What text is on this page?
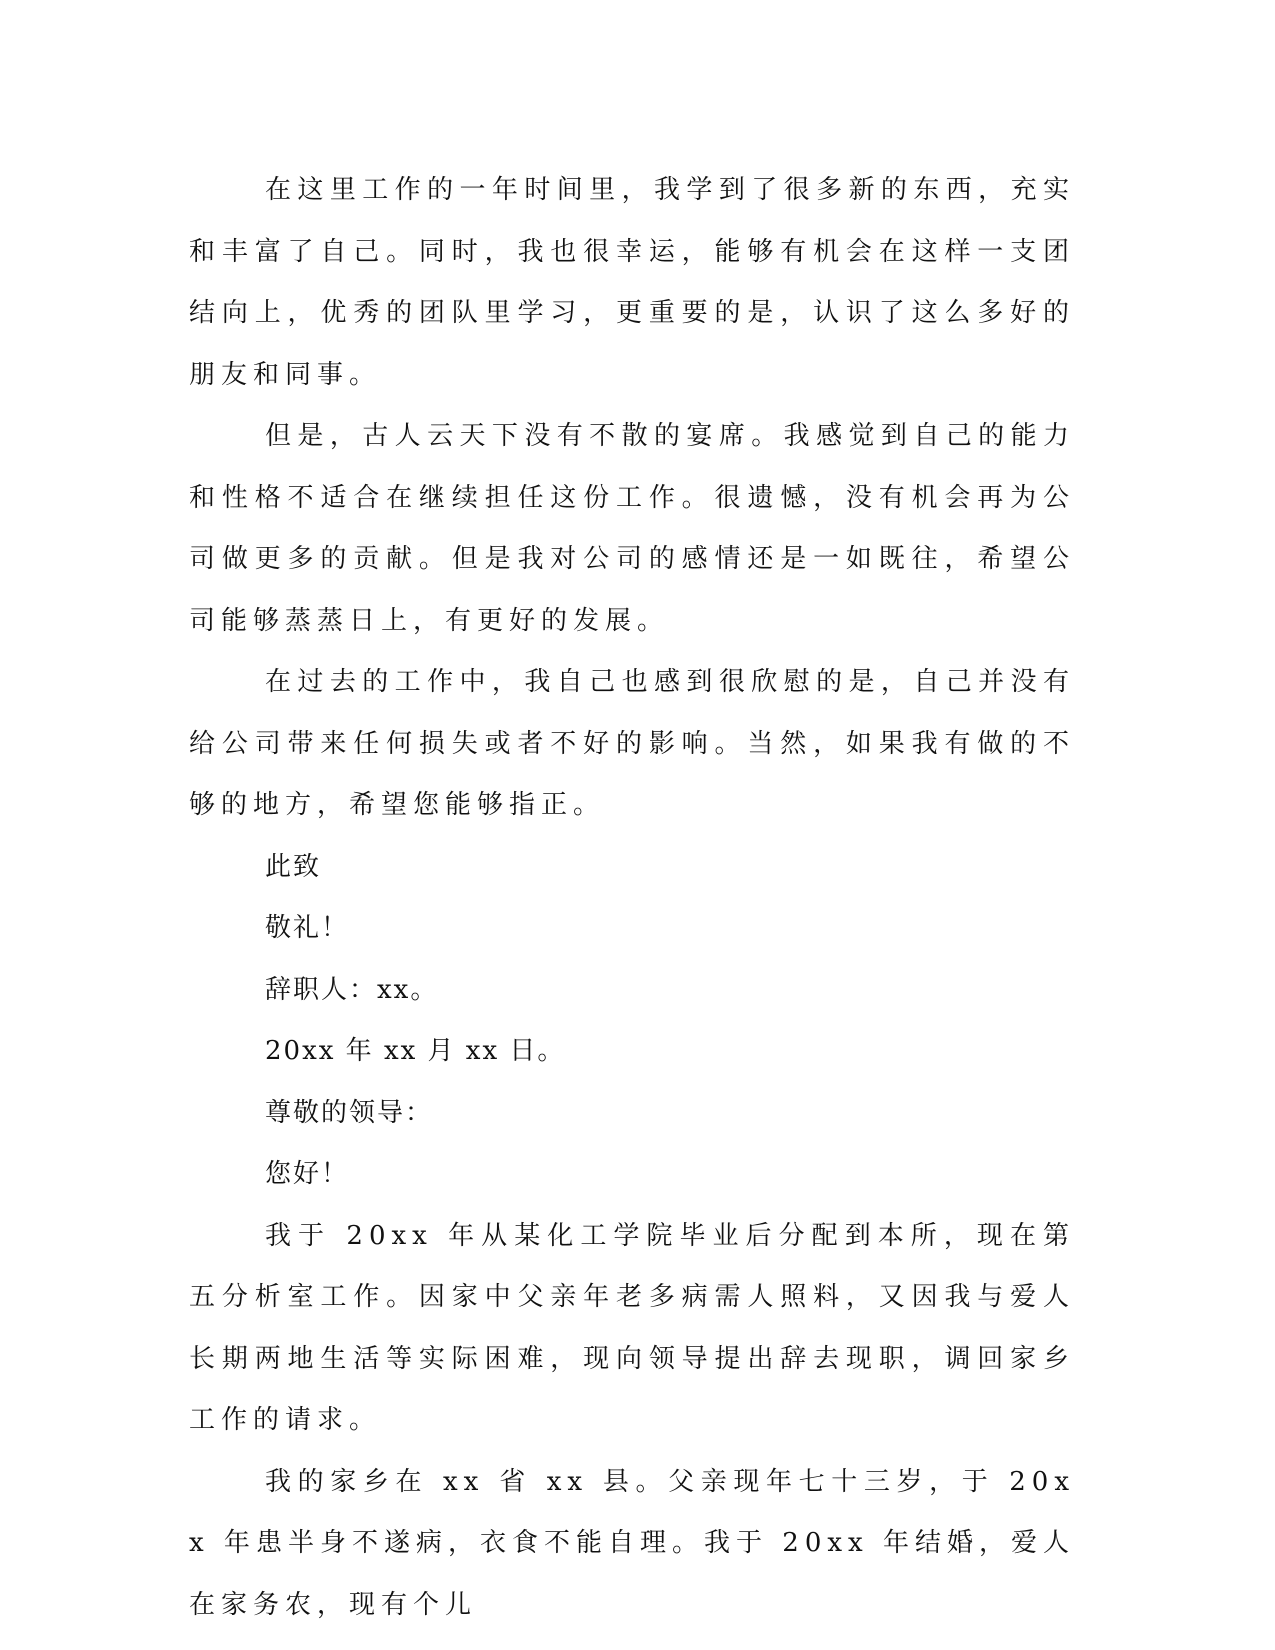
在这里工作的一年时间里，我学到了很多新的东西，充实和丰富了自己。同时，我也很幸运，能够有机会在这样一支团结向上，优秀的团队里学习，更重要的是，认识了这么多好的朋友和同事。

但是，古人云天下没有不散的宴席。我感觉到自己的能力和性格不适合在继续担任这份工作。很遗憾，没有机会再为公司做更多的贡献。但是我对公司的感情还是一如既往，希望公司能够蒸蒸日上，有更好的发展。

在过去的工作中，我自己也感到很欣慰的是，自己并没有给公司带来任何损失或者不好的影响。当然，如果我有做的不够的地方，希望您能够指正。

此致

敬礼！

辞职人：xx。

20xx 年 xx 月 xx 日。

尊敬的领导：

您好！

我于 20xx 年从某化工学院毕业后分配到本所，现在第五分析室工作。因家中父亲年老多病需人照料，又因我与爱人长期两地生活等实际困难，现向领导提出辞去现职，调回家乡工作的请求。

我的家乡在 xx 省 xx 县。父亲现年七十三岁，于 20xx 年患半身不遂病，衣食不能自理。我于 20xx 年结婚，爱人在家务农，现有个儿
